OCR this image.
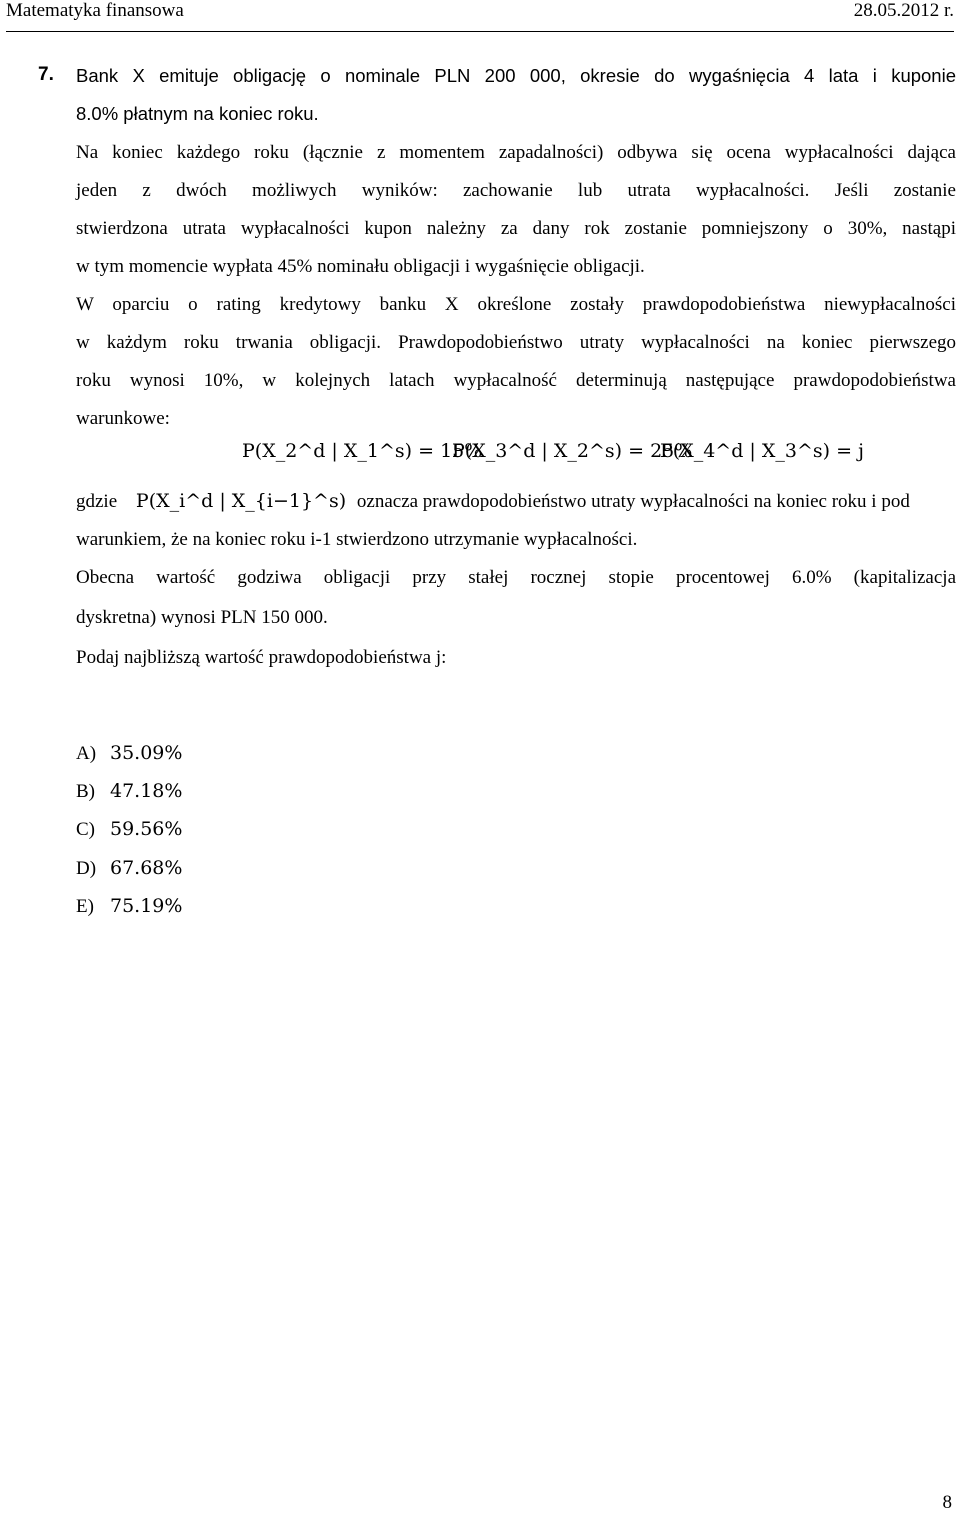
Matematyka finansowa	28.05.2012 r.
7. Bank X emituje obligację o nominale PLN 200 000, okresie do wygaśnięcia 4 lata i kuponie
8.0% płatnym na koniec roku.
Na koniec każdego roku (łącznie z momentem zapadalności) odbywa się ocena wypłacalności dająca
jeden z dwóch możliwych wyników: zachowanie lub utrata wypłacalności. Jeśli zostanie
stwierdzona utrata wypłacalności kupon należny za dany rok zostanie pomniejszony o 30%, nastąpi
w tym momencie wypłata 45% nominału obligacji i wygaśnięcie obligacji.
W oparciu o rating kredytowy banku X określone zostały prawdopodobieństwa niewypłacalności
w każdym roku trwania obligacji. Prawdopodobieństwo utraty wypłacalności na koniec pierwszego
roku wynosi 10%, w kolejnych latach wypłacalność determinują następujące prawdopodobieństwa
warunkowe:
P(X_2^d | X_1^s) = 15%
P(X_3^d | X_2^s) = 25%
P(X_4^d | X_3^s) = j
gdzie P(X_i^d | X_{i−1}^s) oznacza prawdopodobieństwo utraty wypłacalności na koniec roku i pod
warunkiem, że na koniec roku i-1 stwierdzono utrzymanie wypłacalności.
Obecna wartość godziwa obligacji przy stałej rocznej stopie procentowej 6.0% (kapitalizacja
dyskretna) wynosi PLN 150 000.
Podaj najbliższą wartość prawdopodobieństwa j:
A) 35.09%
B) 47.18%
C) 59.56%
D) 67.68%
E) 75.19%
8
